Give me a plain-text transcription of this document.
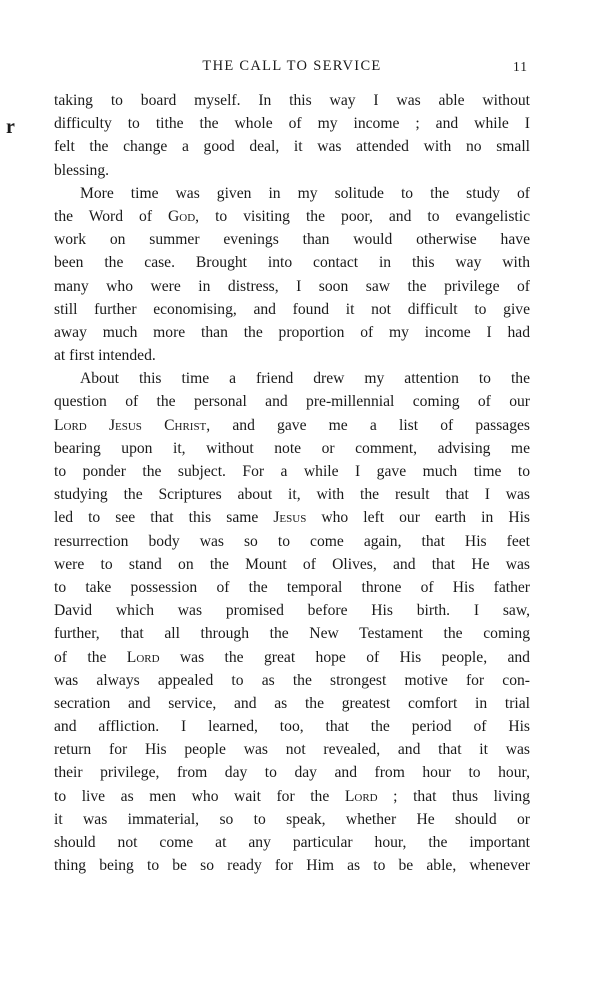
THE CALL TO SERVICE	11
r
taking to board myself. In this way I was able without
difficulty to tithe the whole of my income ; and while I
felt the change a good deal, it was attended with no small
blessing.
More time was given in my solitude to the study of
the Word of God, to visiting the poor, and to evangelistic
work on summer evenings than would otherwise have
been the case. Brought into contact in this way with
many who were in distress, I soon saw the privilege of
still further economising, and found it not difficult to give
away much more than the proportion of my income I had
at first intended.
About this time a friend drew my attention to the
question of the personal and pre-millennial coming of our
Lord Jesus Christ, and gave me a list of passages
bearing upon it, without note or comment, advising me
to ponder the subject. For a while I gave much time to
studying the Scriptures about it, with the result that I was
led to see that this same Jesus who left our earth in His
resurrection body was so to come again, that His feet
were to stand on the Mount of Olives, and that He was
to take possession of the temporal throne of His father
David which was promised before His birth. I saw,
further, that all through the New Testament the coming
of the Lord was the great hope of His people, and
was always appealed to as the strongest motive for con-
secration and service, and as the greatest comfort in trial
and affliction. I learned, too, that the period of His
return for His people was not revealed, and that it was
their privilege, from day to day and from hour to hour,
to live as men who wait for the Lord ; that thus living
it was immaterial, so to speak, whether He should or
should not come at any particular hour, the important
thing being to be so ready for Him as to be able, whenever
